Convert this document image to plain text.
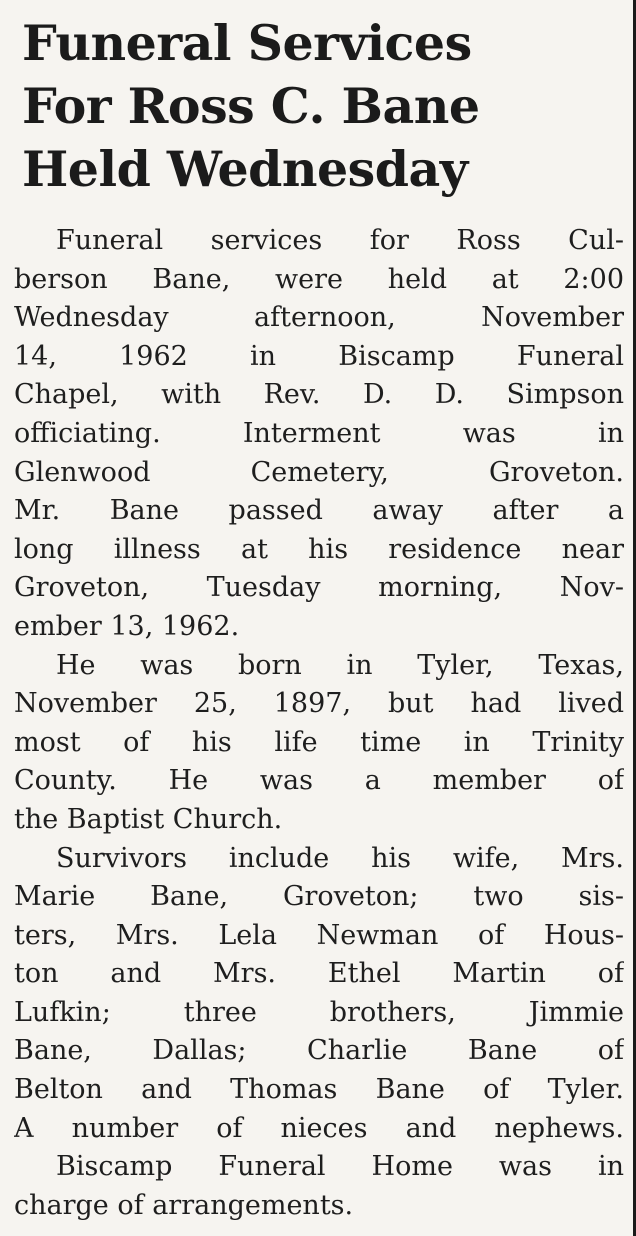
Funeral Services
For Ross C. Bane
Held Wednesday
Funeral services for Ross Cul-
berson Bane, were held at 2:00
Wednesday afternoon, November
14, 1962 in Biscamp Funeral
Chapel, with Rev. D. D. Simpson
officiating. Interment was in
Glenwood Cemetery, Groveton.
Mr. Bane passed away after a
long illness at his residence near
Groveton, Tuesday morning, Nov-
ember 13, 1962.
He was born in Tyler, Texas,
November 25, 1897, but had lived
most of his life time in Trinity
County. He was a member of
the Baptist Church.
Survivors include his wife, Mrs.
Marie Bane, Groveton; two sis-
ters, Mrs. Lela Newman of Hous-
ton and Mrs. Ethel Martin of
Lufkin; three brothers, Jimmie
Bane, Dallas; Charlie Bane of
Belton and Thomas Bane of Tyler.
A number of nieces and nephews.
Biscamp Funeral Home was in
charge of arrangements.
